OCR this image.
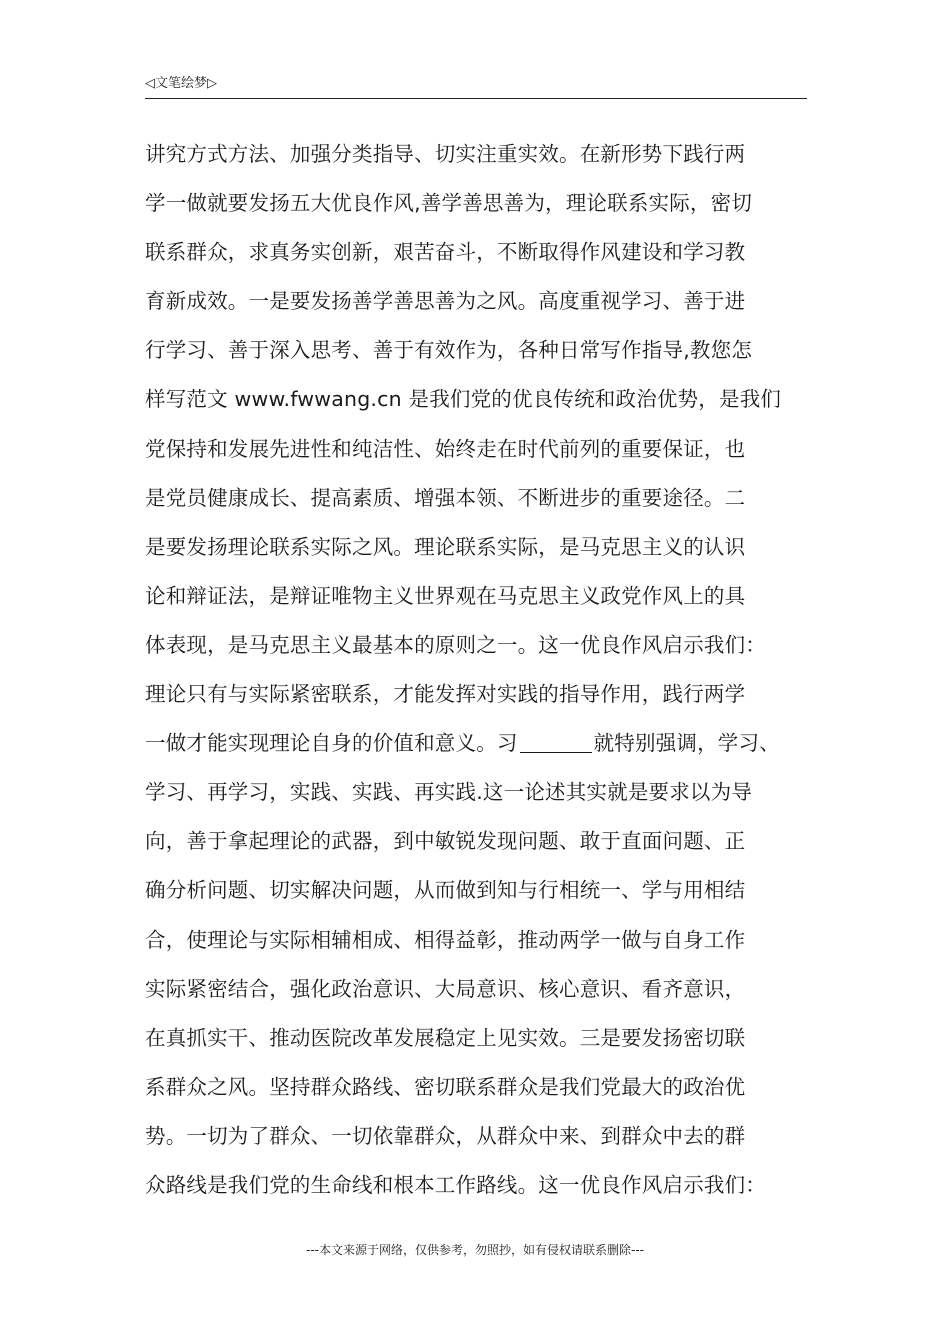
◁文笔绘梦▷
讲究方式方法、加强分类指导、切实注重实效。在新形势下践行两
学一做就要发扬五大优良作风,善学善思善为，理论联系实际，密切
联系群众，求真务实创新，艰苦奋斗，不断取得作风建设和学习教
育新成效。一是要发扬善学善思善为之风。高度重视学习、善于进
行学习、善于深入思考、善于有效作为，各种日常写作指导,教您怎
样写范文 www.fwwang.cn 是我们党的优良传统和政治优势，是我们
党保持和发展先进性和纯洁性、始终走在时代前列的重要保证，也
是党员健康成长、提高素质、增强本领、不断进步的重要途径。二
是要发扬理论联系实际之风。理论联系实际，是马克思主义的认识
论和辩证法，是辩证唯物主义世界观在马克思主义政党作风上的具
体表现，是马克思主义最基本的原则之一。这一优良作风启示我们：
理论只有与实际紧密联系，才能发挥对实践的指导作用，践行两学
一做才能实现理论自身的价值和意义。习	就特别强调，学习、
学习、再学习，实践、实践、再实践.这一论述其实就是要求以为导
向，善于拿起理论的武器，到中敏锐发现问题、敢于直面问题、正
确分析问题、切实解决问题，从而做到知与行相统一、学与用相结
合，使理论与实际相辅相成、相得益彰，推动两学一做与自身工作
实际紧密结合，强化政治意识、大局意识、核心意识、看齐意识，
在真抓实干、推动医院改革发展稳定上见实效。三是要发扬密切联
系群众之风。坚持群众路线、密切联系群众是我们党最大的政治优
势。一切为了群众、一切依靠群众，从群众中来、到群众中去的群
众路线是我们党的生命线和根本工作路线。这一优良作风启示我们：
---本文来源于网络，仅供参考，勿照抄，如有侵权请联系删除---
